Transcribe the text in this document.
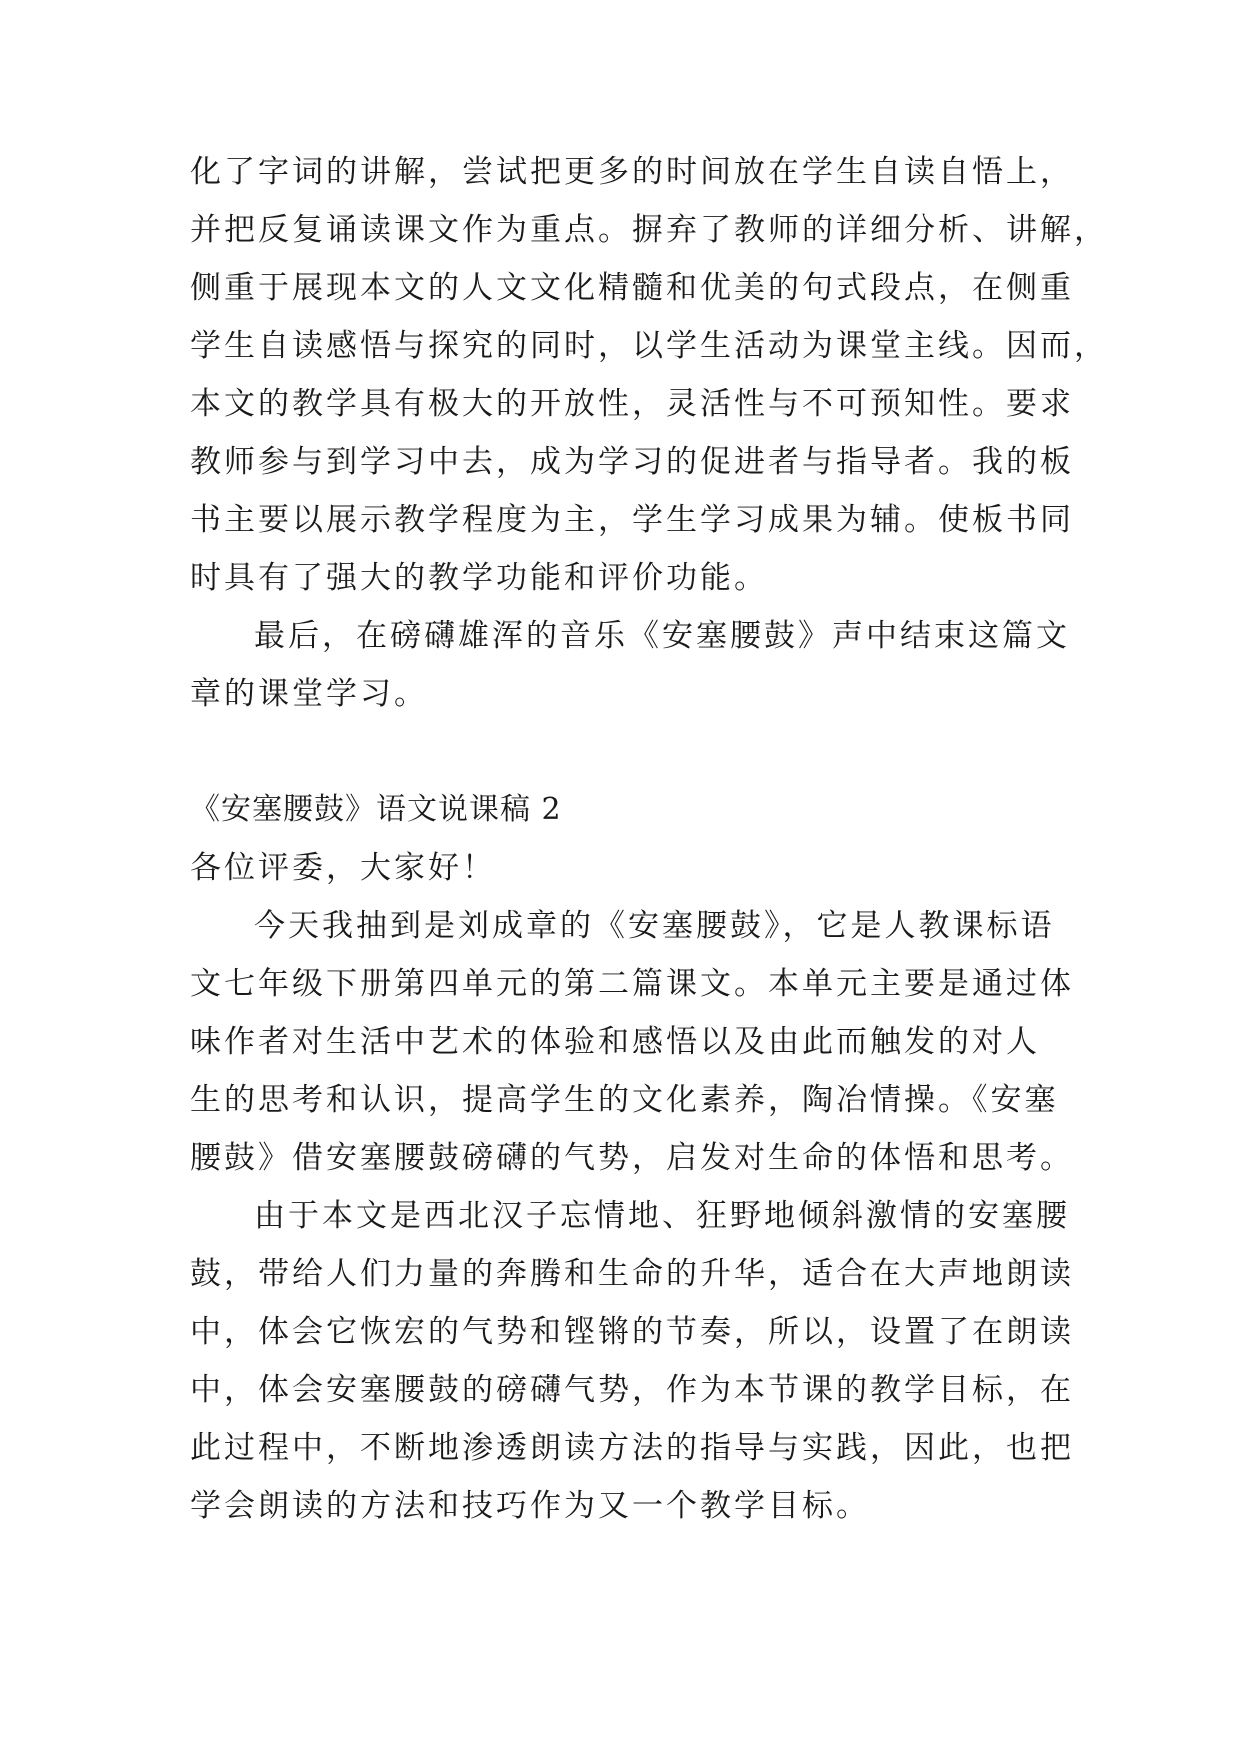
化了字词的讲解，尝试把更多的时间放在学生自读自悟上，
并把反复诵读课文作为重点。摒弃了教师的详细分析、讲解，
侧重于展现本文的人文文化精髓和优美的句式段点，在侧重
学生自读感悟与探究的同时，以学生活动为课堂主线。因而，
本文的教学具有极大的开放性，灵活性与不可预知性。要求
教师参与到学习中去，成为学习的促进者与指导者。我的板
书主要以展示教学程度为主，学生学习成果为辅。使板书同
时具有了强大的教学功能和评价功能。
最后，在磅礴雄浑的音乐《安塞腰鼓》声中结束这篇文
章的课堂学习。
《安塞腰鼓》语文说课稿 2
各位评委，大家好！
今天我抽到是刘成章的《安塞腰鼓》，它是人教课标语
文七年级下册第四单元的第二篇课文。本单元主要是通过体
味作者对生活中艺术的体验和感悟以及由此而触发的对人
生的思考和认识，提高学生的文化素养，陶冶情操。《安塞
腰鼓》借安塞腰鼓磅礴的气势，启发对生命的体悟和思考。
由于本文是西北汉子忘情地、狂野地倾斜激情的安塞腰
鼓，带给人们力量的奔腾和生命的升华，适合在大声地朗读
中，体会它恢宏的气势和铿锵的节奏，所以，设置了在朗读
中，体会安塞腰鼓的磅礴气势，作为本节课的教学目标，在
此过程中，不断地渗透朗读方法的指导与实践，因此，也把
学会朗读的方法和技巧作为又一个教学目标。
